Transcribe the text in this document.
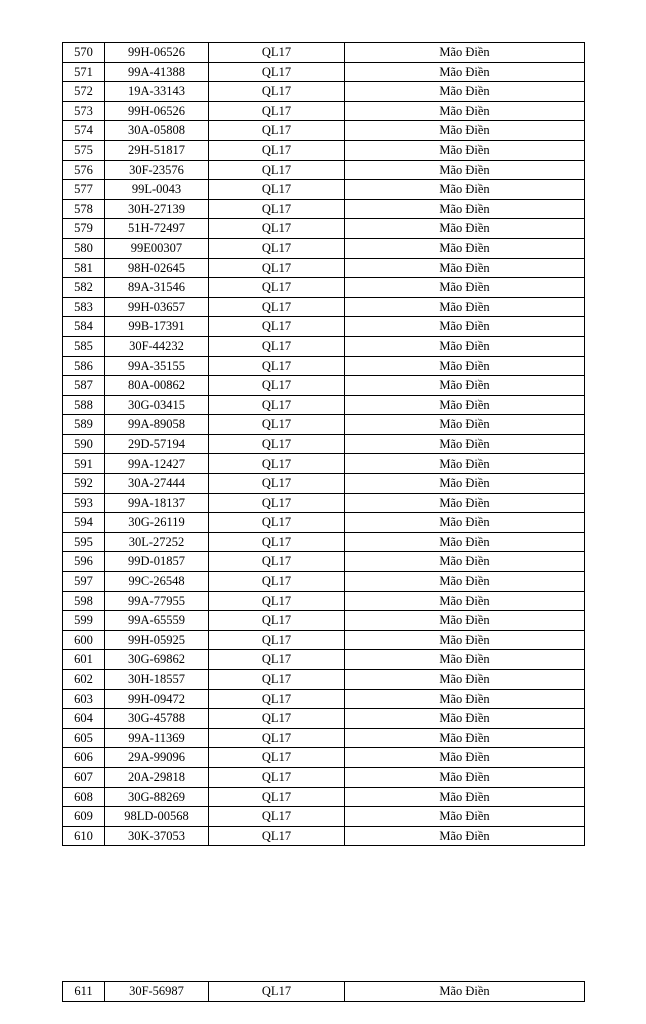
570	99H-06526	QL17	Mão Điền
571	99A-41388	QL17	Mão Điền
572	19A-33143	QL17	Mão Điền
573	99H-06526	QL17	Mão Điền
574	30A-05808	QL17	Mão Điền
575	29H-51817	QL17	Mão Điền
576	30F-23576	QL17	Mão Điền
577	99L-0043	QL17	Mão Điền
578	30H-27139	QL17	Mão Điền
579	51H-72497	QL17	Mão Điền
580	99E00307	QL17	Mão Điền
581	98H-02645	QL17	Mão Điền
582	89A-31546	QL17	Mão Điền
583	99H-03657	QL17	Mão Điền
584	99B-17391	QL17	Mão Điền
585	30F-44232	QL17	Mão Điền
586	99A-35155	QL17	Mão Điền
587	80A-00862	QL17	Mão Điền
588	30G-03415	QL17	Mão Điền
589	99A-89058	QL17	Mão Điền
590	29D-57194	QL17	Mão Điền
591	99A-12427	QL17	Mão Điền
592	30A-27444	QL17	Mão Điền
593	99A-18137	QL17	Mão Điền
594	30G-26119	QL17	Mão Điền
595	30L-27252	QL17	Mão Điền
596	99D-01857	QL17	Mão Điền
597	99C-26548	QL17	Mão Điền
598	99A-77955	QL17	Mão Điền
599	99A-65559	QL17	Mão Điền
600	99H-05925	QL17	Mão Điền
601	30G-69862	QL17	Mão Điền
602	30H-18557	QL17	Mão Điền
603	99H-09472	QL17	Mão Điền
604	30G-45788	QL17	Mão Điền
605	99A-11369	QL17	Mão Điền
606	29A-99096	QL17	Mão Điền
607	20A-29818	QL17	Mão Điền
608	30G-88269	QL17	Mão Điền
609	98LD-00568	QL17	Mão Điền
610	30K-37053	QL17	Mão Điền
611	30F-56987	QL17	Mão Điền
